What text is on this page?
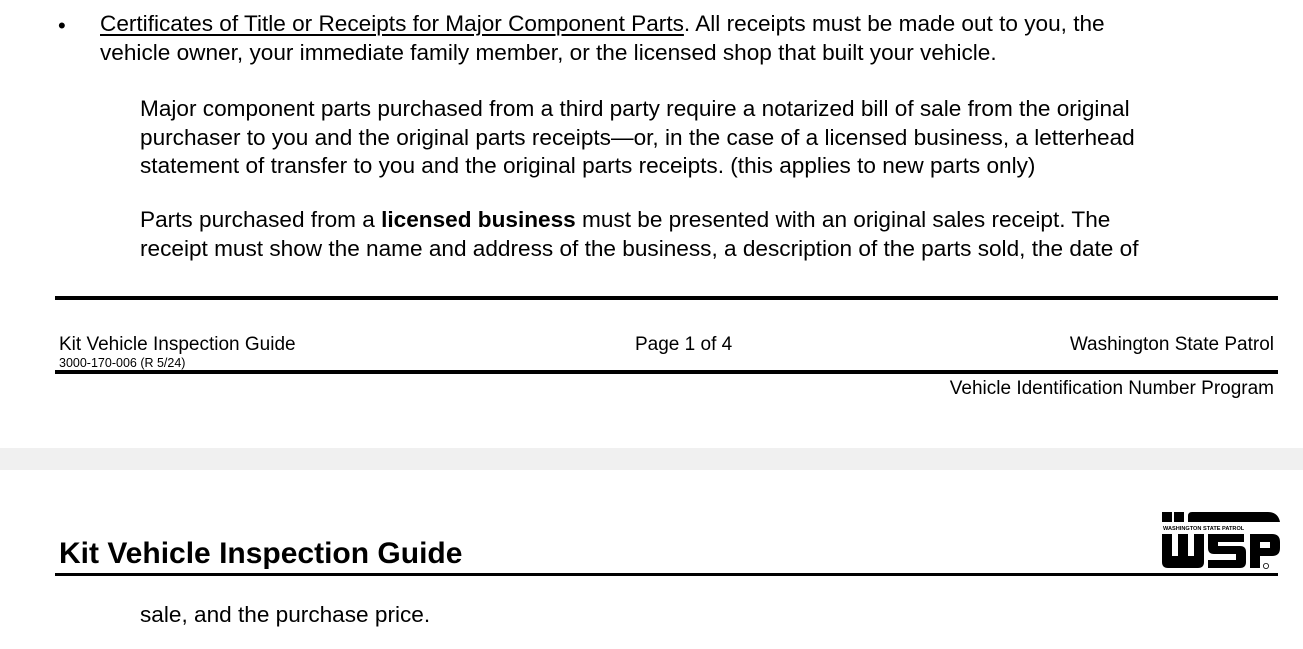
• Certificates of Title or Receipts for Major Component Parts. All receipts must be made out to you, the
vehicle owner, your immediate family member, or the licensed shop that built your vehicle.
Major component parts purchased from a third party require a notarized bill of sale from the original
purchaser to you and the original parts receipts—or, in the case of a licensed business, a letterhead
statement of transfer to you and the original parts receipts. (this applies to new parts only)
Parts purchased from a licensed business must be presented with an original sales receipt. The
receipt must show the name and address of the business, a description of the parts sold, the date of
Kit Vehicle Inspection Guide
3000-170-006 (R 5/24)
Page 1 of 4	Washington State Patrol
Vehicle Identification Number Program
Kit Vehicle Inspection Guide
WASHINGTON STATE PATROL
sale, and the purchase price.
